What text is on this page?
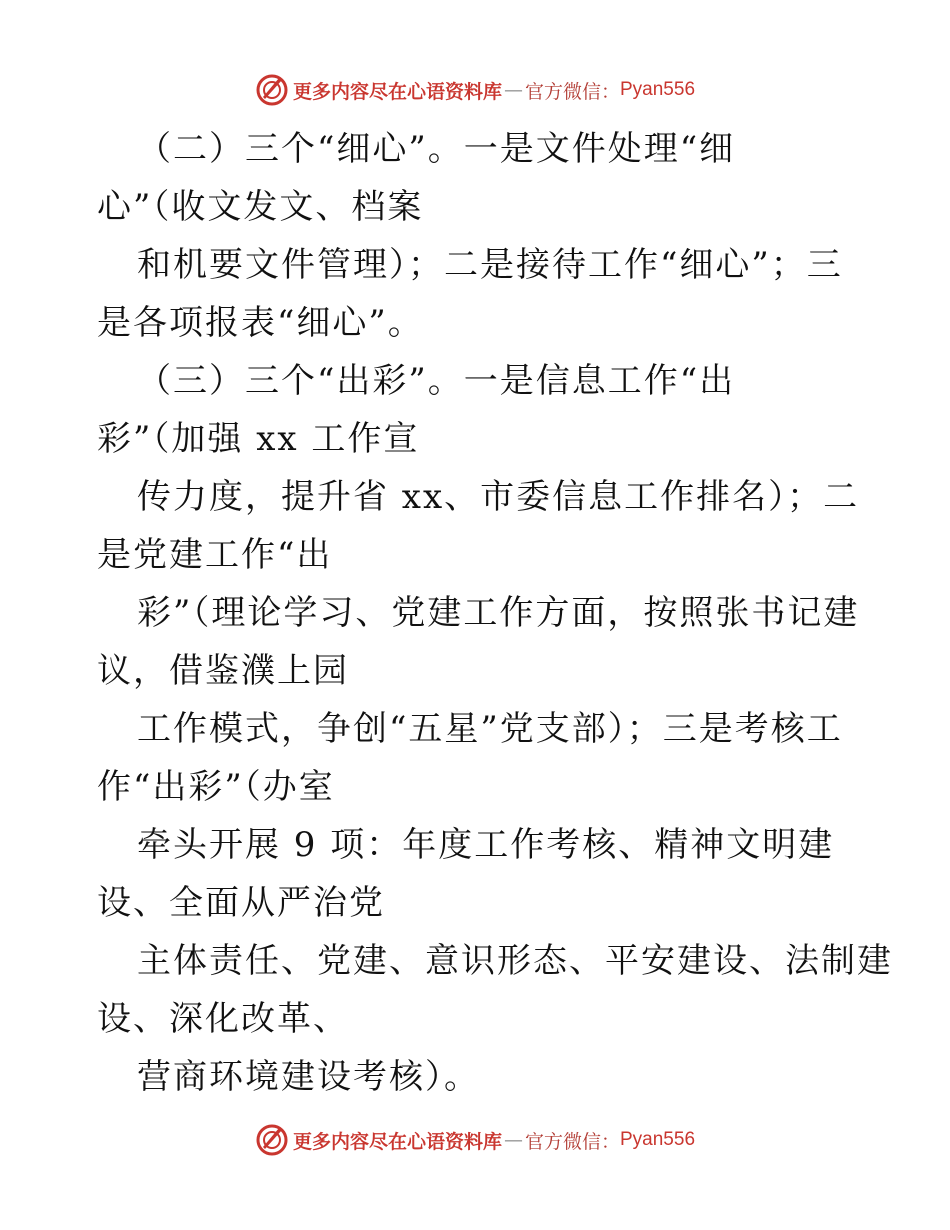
更多内容尽在心语资料库 — 官方微信： Pyan556
（二）三个“细心”。一是文件处理“细
心”（收文发文、档案
和机要文件管理）；二是接待工作“细心”；三
是各项报表“细心”。
（三）三个“出彩”。一是信息工作“出
彩”（加强 xx 工作宣
传力度，提升省 xx、市委信息工作排名）；二
是党建工作“出
彩”（理论学习、党建工作方面，按照张书记建
议，借鉴濮上园
工作模式，争创“五星”党支部）；三是考核工
作“出彩”（办室
牵头开展 9 项：年度工作考核、精神文明建
设、全面从严治党
主体责任、党建、意识形态、平安建设、法制建
设、深化改革、
营商环境建设考核）。
更多内容尽在心语资料库 — 官方微信： Pyan556
